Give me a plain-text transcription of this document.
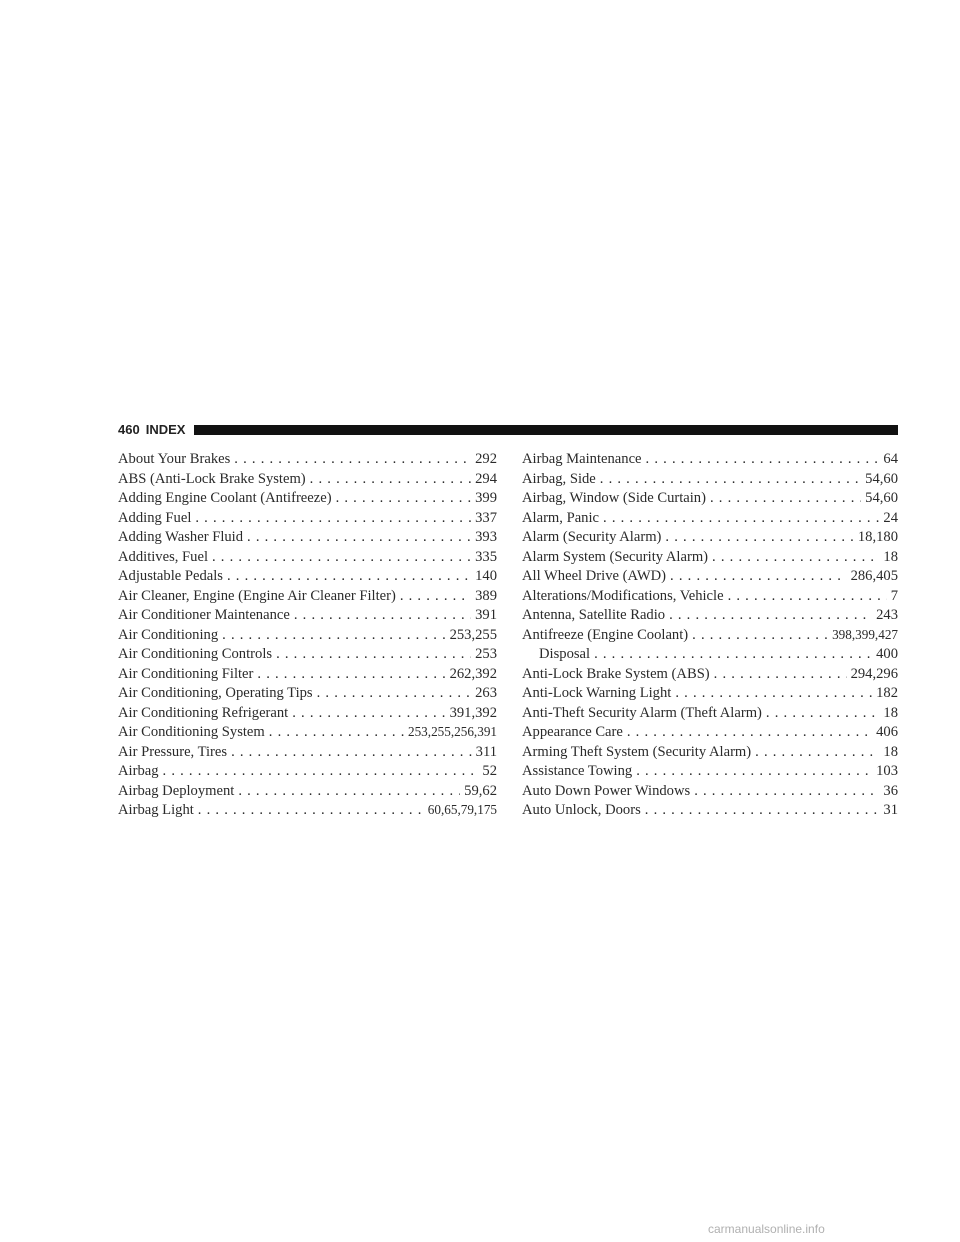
460 INDEX
About Your Brakes . . .	292
ABS (Anti-Lock Brake System) . . .	294
Adding Engine Coolant (Antifreeze) . . .	399
Adding Fuel . . .	337
Adding Washer Fluid . . .	393
Additives, Fuel . . .	335
Adjustable Pedals . . .	140
Air Cleaner, Engine (Engine Air Cleaner Filter) . . .	389
Air Conditioner Maintenance . . .	391
Air Conditioning . . .	253,255
Air Conditioning Controls . . .	253
Air Conditioning Filter . . .	262,392
Air Conditioning, Operating Tips . . .	263
Air Conditioning Refrigerant . . .	391,392
Air Conditioning System . . .	253,255,256,391
Air Pressure, Tires . . .	311
Airbag . . .	52
Airbag Deployment . . .	59,62
Airbag Light . . .	60,65,79,175
Airbag Maintenance . . .	64
Airbag, Side . . .	54,60
Airbag, Window (Side Curtain) . . .	54,60
Alarm, Panic . . .	24
Alarm (Security Alarm) . . .	18,180
Alarm System (Security Alarm) . . .	18
All Wheel Drive (AWD) . . .	286,405
Alterations/Modifications, Vehicle . . .	7
Antenna, Satellite Radio . . .	243
Antifreeze (Engine Coolant) . . .	398,399,427
Disposal . . .	400
Anti-Lock Brake System (ABS) . . .	294,296
Anti-Lock Warning Light . . .	182
Anti-Theft Security Alarm (Theft Alarm) . . .	18
Appearance Care . . .	406
Arming Theft System (Security Alarm) . . .	18
Assistance Towing . . .	103
Auto Down Power Windows . . .	36
Auto Unlock, Doors . . .	31
carmanualsonline.info
